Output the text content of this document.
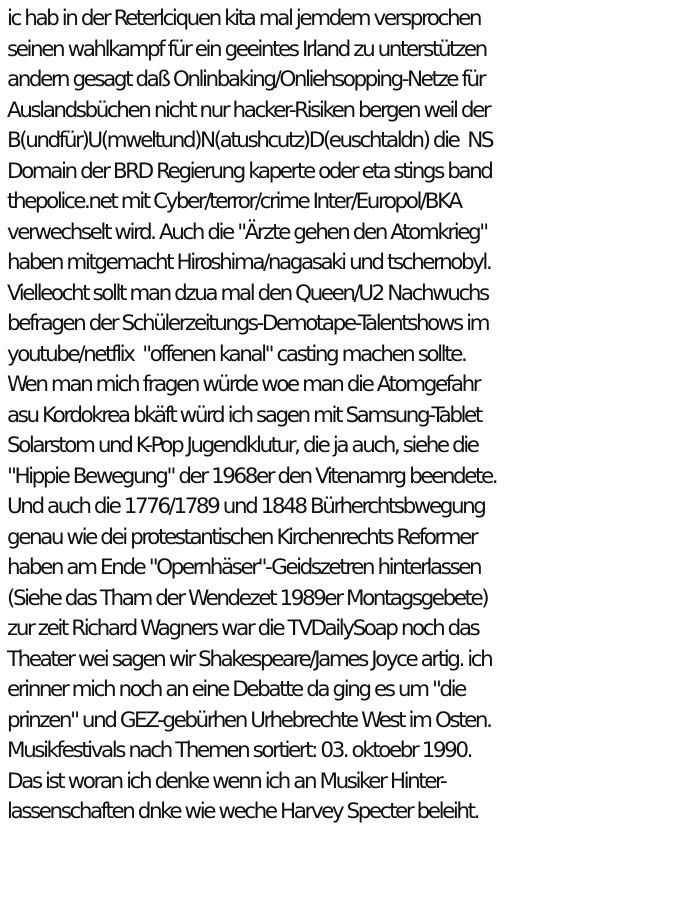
ic hab in der Reterlciquen kita mal jemdem versprochen
seinen wahlkampf für ein geeintes Irland zu unterstützen
andern gesagt daß Onlinbaking/Onliehsopping-Netze für
Auslandsbüchen nicht nur hacker-Risiken bergen weil der
B(undfür)U(mweltund)N(atushcutz)D(euschtaldn) die  NS
Domain der BRD Regierung kaperte oder eta stings band
thepolice.net mit Cyber/terror/crime Inter/Europol/BKA
verwechselt wird. Auch die "Ärzte gehen den Atomkrieg"
haben mitgemacht Hiroshima/nagasaki und tschernobyl.
Vielleocht sollt man dzua mal den Queen/U2 Nachwuchs
befragen der Schülerzeitungs-Demotape-Talentshows im
youtube/netflix  "offenen kanal" casting machen sollte.
Wen man mich fragen würde woe man die Atomgefahr
asu Kordokrea bkäft würd ich sagen mit Samsung-Tablet
Solarstom und K-Pop Jugendklutur, die ja auch, siehe die
"Hippie Bewegung" der 1968er den Vitenamrg beendete.
Und auch die 1776/1789 und 1848 Bürherchtsbwegung
genau wie dei protestantischen Kirchenrechts Reformer
haben am Ende "Opernhäser"-Geidszetren hinterlassen
(Siehe das Tham der Wendezet 1989er Montagsgebete)
zur zeit Richard Wagners war die TVDailySoap noch das
Theater wei sagen wir Shakespeare/James Joyce artig. ich
erinner mich noch an eine Debatte da ging es um "die
prinzen" und GEZ-gebürhen Urhebrechte West im Osten.
Musikfestivals nach Themen sortiert: 03. oktoebr 1990.
Das ist woran ich denke wenn ich an Musiker Hinter-
lassenschaften dnke wie weche Harvey Specter beleiht.
